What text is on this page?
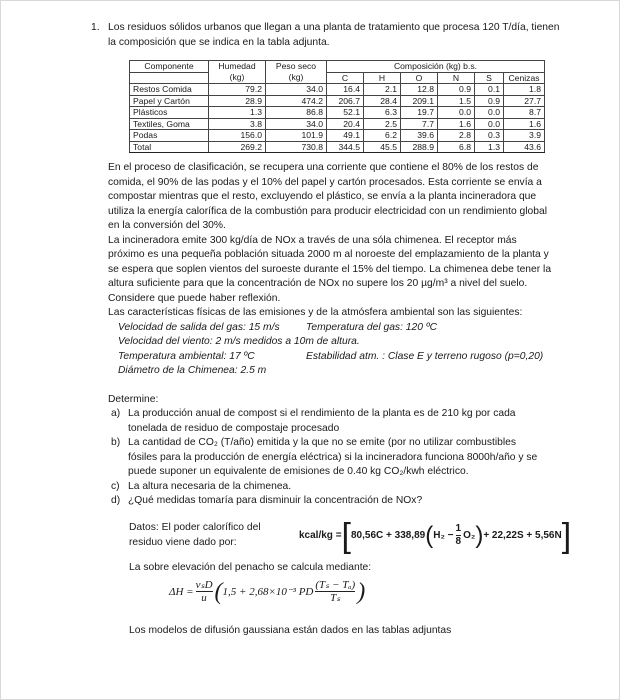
1. Los residuos sólidos urbanos que llegan a una planta de tratamiento que procesa 120 T/día, tienen
la composición que se indica en la tabla adjunta.
Componente	Humedad	Peso seco	Composición (kg) b.s.					
	(kg)	(kg)	C	H	O	N	S	Cenizas
Restos Comida	79.2	34.0	16.4	2.1	12.8	0.9	0.1	1.8
Papel y Cartón	28.9	474.2	206.7	28.4	209.1	1.5	0.9	27.7
Plásticos	1.3	86.8	52.1	6.3	19.7	0.0	0.0	8.7
Textiles, Goma	3.8	34.0	20.4	2.5	7.7	1.6	0.0	1.6
Podas	156.0	101.9	49.1	6.2	39.6	2.8	0.3	3.9
Total	269.2	730.8	344.5	45.5	288.9	6.8	1.3	43.6
En el proceso de clasificación, se recupera una corriente que contiene el 80% de los restos de
comida, el 90% de las podas y el 10% del papel y cartón procesados. Esta corriente se envía a
compostar mientras que el resto, excluyendo el plástico, se envía a la planta incineradora que
utiliza la energía calorífica de la combustión para producir electricidad con un rendimiento global
en la conversión del 30%.
La incineradora emite 300 kg/día de NOx a través de una sóla chimenea. El receptor más
próximo es una pequeña población situada 2000 m al noroeste del emplazamiento de la planta y
se espera que soplen vientos del suroeste durante el 15% del tiempo. La chimenea debe tener la
altura suficiente para que la concentración de NOx no supere los 20 µg/m³ a nivel del suelo.
Considere que puede haber reflexión.
Las características físicas de las emisiones y de la atmósfera ambiental son las siguientes:
Velocidad de salida del gas: 15 m/s	Temperatura del gas: 120 ºC
Velocidad del viento: 2 m/s medidos a 10m de altura.
Temperatura ambiental: 17 ºC	Estabilidad atm. : Clase E y terreno rugoso (p=0,20)
Diámetro de la Chimenea: 2.5 m
Determine:
a) La producción anual de compost si el rendimiento de la planta es de 210 kg por cada
tonelada de residuo de compostaje procesado
b) La cantidad de CO₂ (T/año) emitida y la que no se emite (por no utilizar combustibles
fósiles para la producción de energía eléctrica) si la incineradora funciona 8000h/año y se
puede suponer un equivalente de emisiones de 0.40 kg CO₂/kwh eléctrico.
c) La altura necesaria de la chimenea.
d) ¿Qué medidas tomaría para disminuir la concentración de NOx?
Datos: El poder calorífico del
residuo viene dado por:
kcal/kg = [ 80,56C + 338,89 ( $H_2 - \frac{1}{8} O_2$ ) + 22,22S + 5,56N ]
La sobre elevación del penacho se calcula mediante:
$\Delta H = \frac{\text{vₛD}}{u}$ ( 1,5 + 2,68×10⁻³ PD $\frac{\text{(Tₛ − Tₐ)}}{\text{Tₛ}}$ )
Los modelos de difusión gaussiana están dados en las tablas adjuntas
